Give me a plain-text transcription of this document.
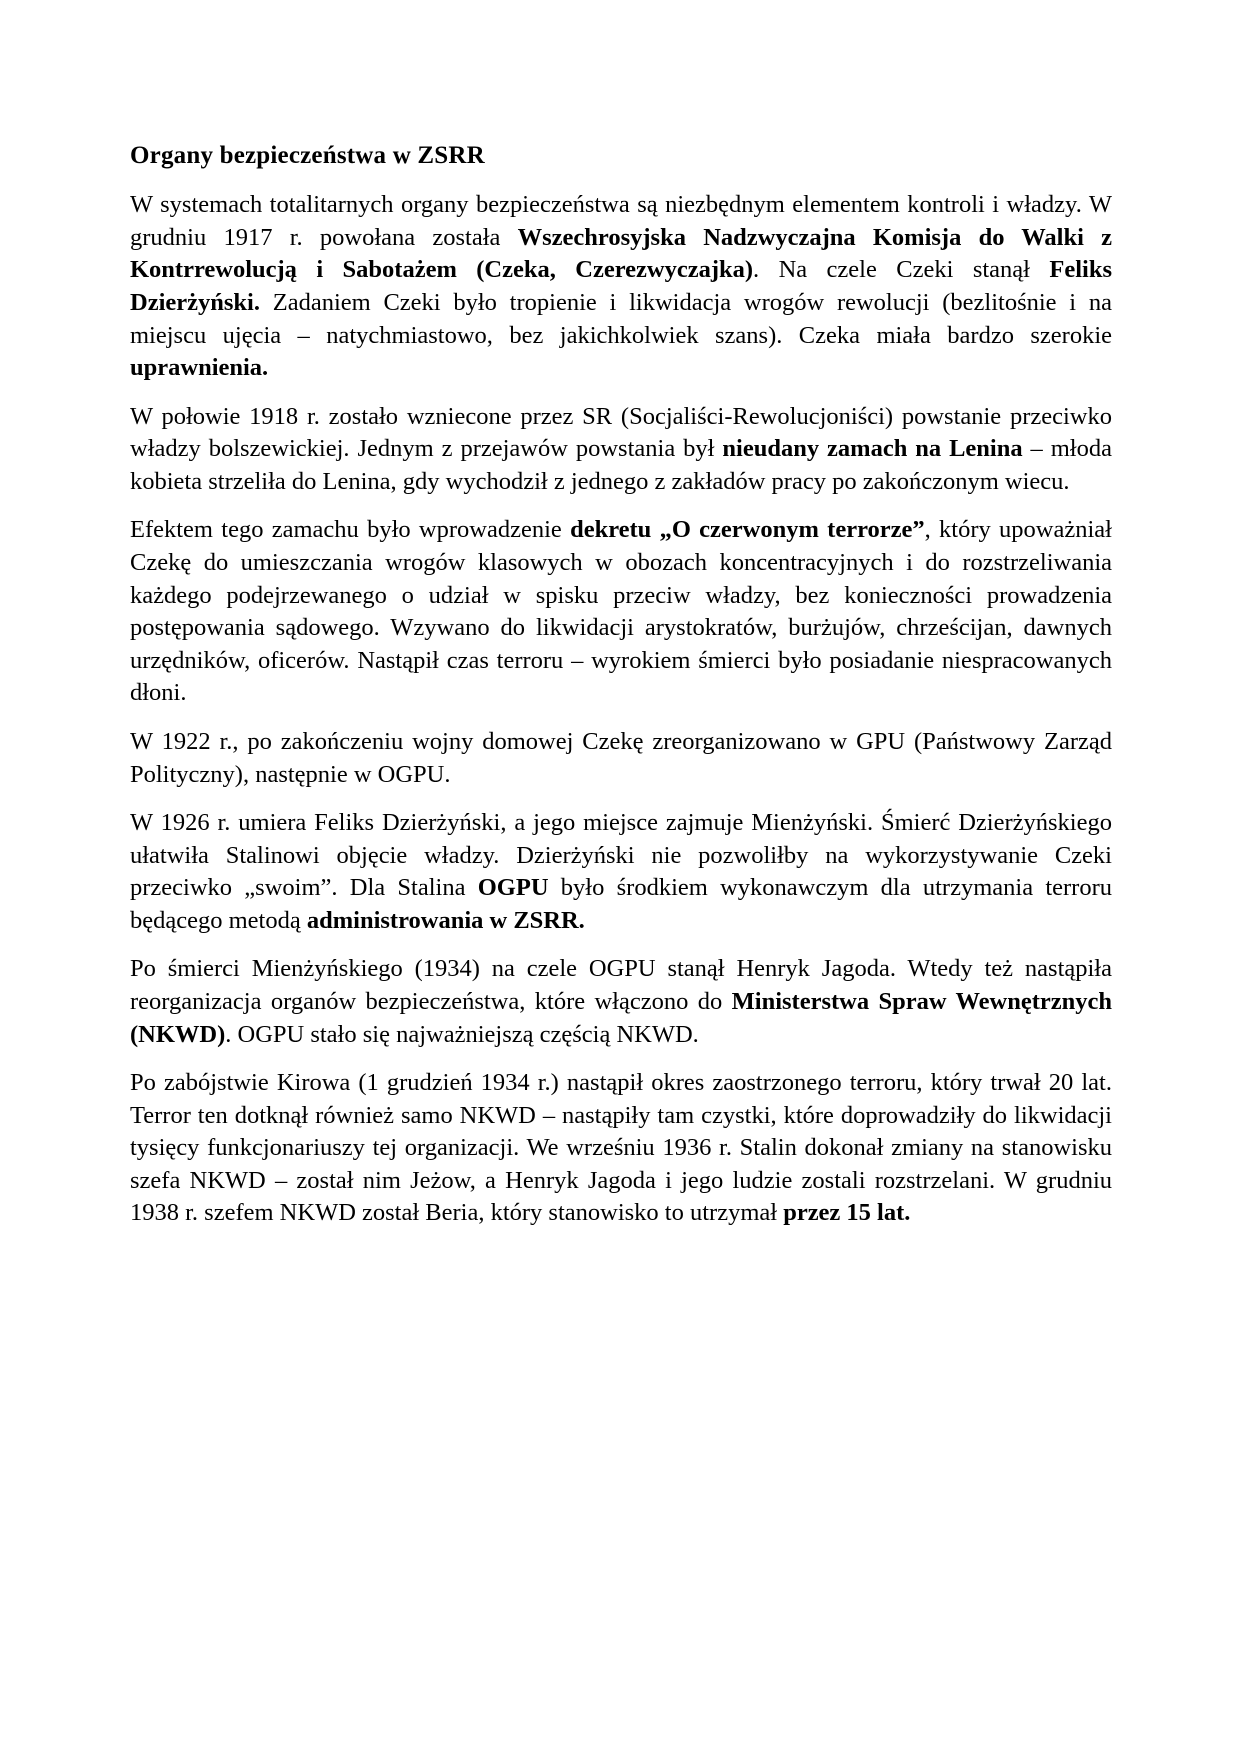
Organy bezpieczeństwa w ZSRR

W systemach totalitarnych organy bezpieczeństwa są niezbędnym elementem kontroli i władzy. W grudniu 1917 r. powołana została Wszechrosyjska Nadzwyczajna Komisja do Walki z Kontrrewolucją i Sabotażem (Czeka, Czerezwyczajka). Na czele Czeki stanął Feliks Dzierżyński. Zadaniem Czeki było tropienie i likwidacja wrogów rewolucji (bezlitośnie i na miejscu ujęcia – natychmiastowo, bez jakichkolwiek szans). Czeka miała bardzo szerokie uprawnienia.

W połowie 1918 r. zostało wzniecone przez SR (Socjaliści-Rewolucjoniści) powstanie przeciwko władzy bolszewickiej. Jednym z przejawów powstania był nieudany zamach na Lenina – młoda kobieta strzeliła do Lenina, gdy wychodził z jednego z zakładów pracy po zakończonym wiecu.

Efektem tego zamachu było wprowadzenie dekretu „O czerwonym terrorze”, który upoważniał Czekę do umieszczania wrogów klasowych w obozach koncentracyjnych i do rozstrzeliwania każdego podejrzewanego o udział w spisku przeciw władzy, bez konieczności prowadzenia postępowania sądowego. Wzywano do likwidacji arystokratów, burżujów, chrześcijan, dawnych urzędników, oficerów. Nastąpił czas terroru – wyrokiem śmierci było posiadanie niespracowanych dłoni.

W 1922 r., po zakończeniu wojny domowej Czekę zreorganizowano w GPU (Państwowy Zarząd Polityczny), następnie w OGPU.

W 1926 r. umiera Feliks Dzierżyński, a jego miejsce zajmuje Mienżyński. Śmierć Dzierżyńskiego ułatwiła Stalinowi objęcie władzy. Dzierżyński nie pozwoliłby na wykorzystywanie Czeki przeciwko „swoim”. Dla Stalina OGPU było środkiem wykonawczym dla utrzymania terroru będącego metodą administrowania w ZSRR.

Po śmierci Mienżyńskiego (1934) na czele OGPU stanął Henryk Jagoda. Wtedy też nastąpiła reorganizacja organów bezpieczeństwa, które włączono do Ministerstwa Spraw Wewnętrznych (NKWD). OGPU stało się najważniejszą częścią NKWD.

Po zabójstwie Kirowa (1 grudzień 1934 r.) nastąpił okres zaostrzonego terroru, który trwał 20 lat. Terror ten dotknął również samo NKWD – nastąpiły tam czystki, które doprowadziły do likwidacji tysięcy funkcjonariuszy tej organizacji. We wrześniu 1936 r. Stalin dokonał zmiany na stanowisku szefa NKWD – został nim Jeżow, a Henryk Jagoda i jego ludzie zostali rozstrzelani. W grudniu 1938 r. szefem NKWD został Beria, który stanowisko to utrzymał przez 15 lat.
